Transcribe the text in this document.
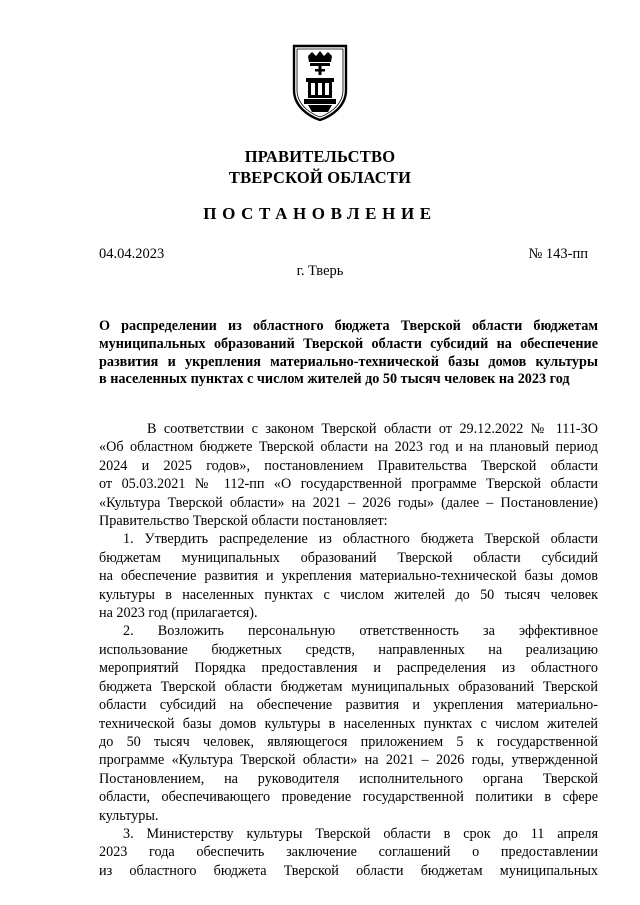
ПРАВИТЕЛЬСТВО
ТВЕРСКОЙ ОБЛАСТИ
ПОСТАНОВЛЕНИЕ
04.04.2023	№ 143-пп
г. Тверь
О распределении из областного бюджета Тверской области бюджетам
муниципальных образований Тверской области субсидий на обеспечение
развития и укрепления материально-технической базы домов культуры
в населенных пунктах с числом жителей до 50 тысяч человек на 2023 год
В соответствии с законом Тверской области от 29.12.2022 № 111-ЗО
«Об областном бюджете Тверской области на 2023 год и на плановый период
2024 и 2025 годов», постановлением Правительства Тверской области
от 05.03.2021 № 112-пп «О государственной программе Тверской области
«Культура Тверской области» на 2021 – 2026 годы» (далее – Постановление)
Правительство Тверской области постановляет:
1. Утвердить распределение из областного бюджета Тверской области
бюджетам муниципальных образований Тверской области субсидий
на обеспечение развития и укрепления материально-технической базы домов
культуры в населенных пунктах с числом жителей до 50 тысяч человек
на 2023 год (прилагается).
2. Возложить персональную ответственность за эффективное
использование бюджетных средств, направленных на реализацию
мероприятий Порядка предоставления и распределения из областного
бюджета Тверской области бюджетам муниципальных образований Тверской
области субсидий на обеспечение развития и укрепления материально-
технической базы домов культуры в населенных пунктах с числом жителей
до 50 тысяч человек, являющегося приложением 5 к государственной
программе «Культура Тверской области» на 2021 – 2026 годы, утвержденной
Постановлением, на руководителя исполнительного органа Тверской
области, обеспечивающего проведение государственной политики в сфере
культуры.
3. Министерству культуры Тверской области в срок до 11 апреля
2023 года обеспечить заключение соглашений о предоставлении
из областного бюджета Тверской области бюджетам муниципальных
